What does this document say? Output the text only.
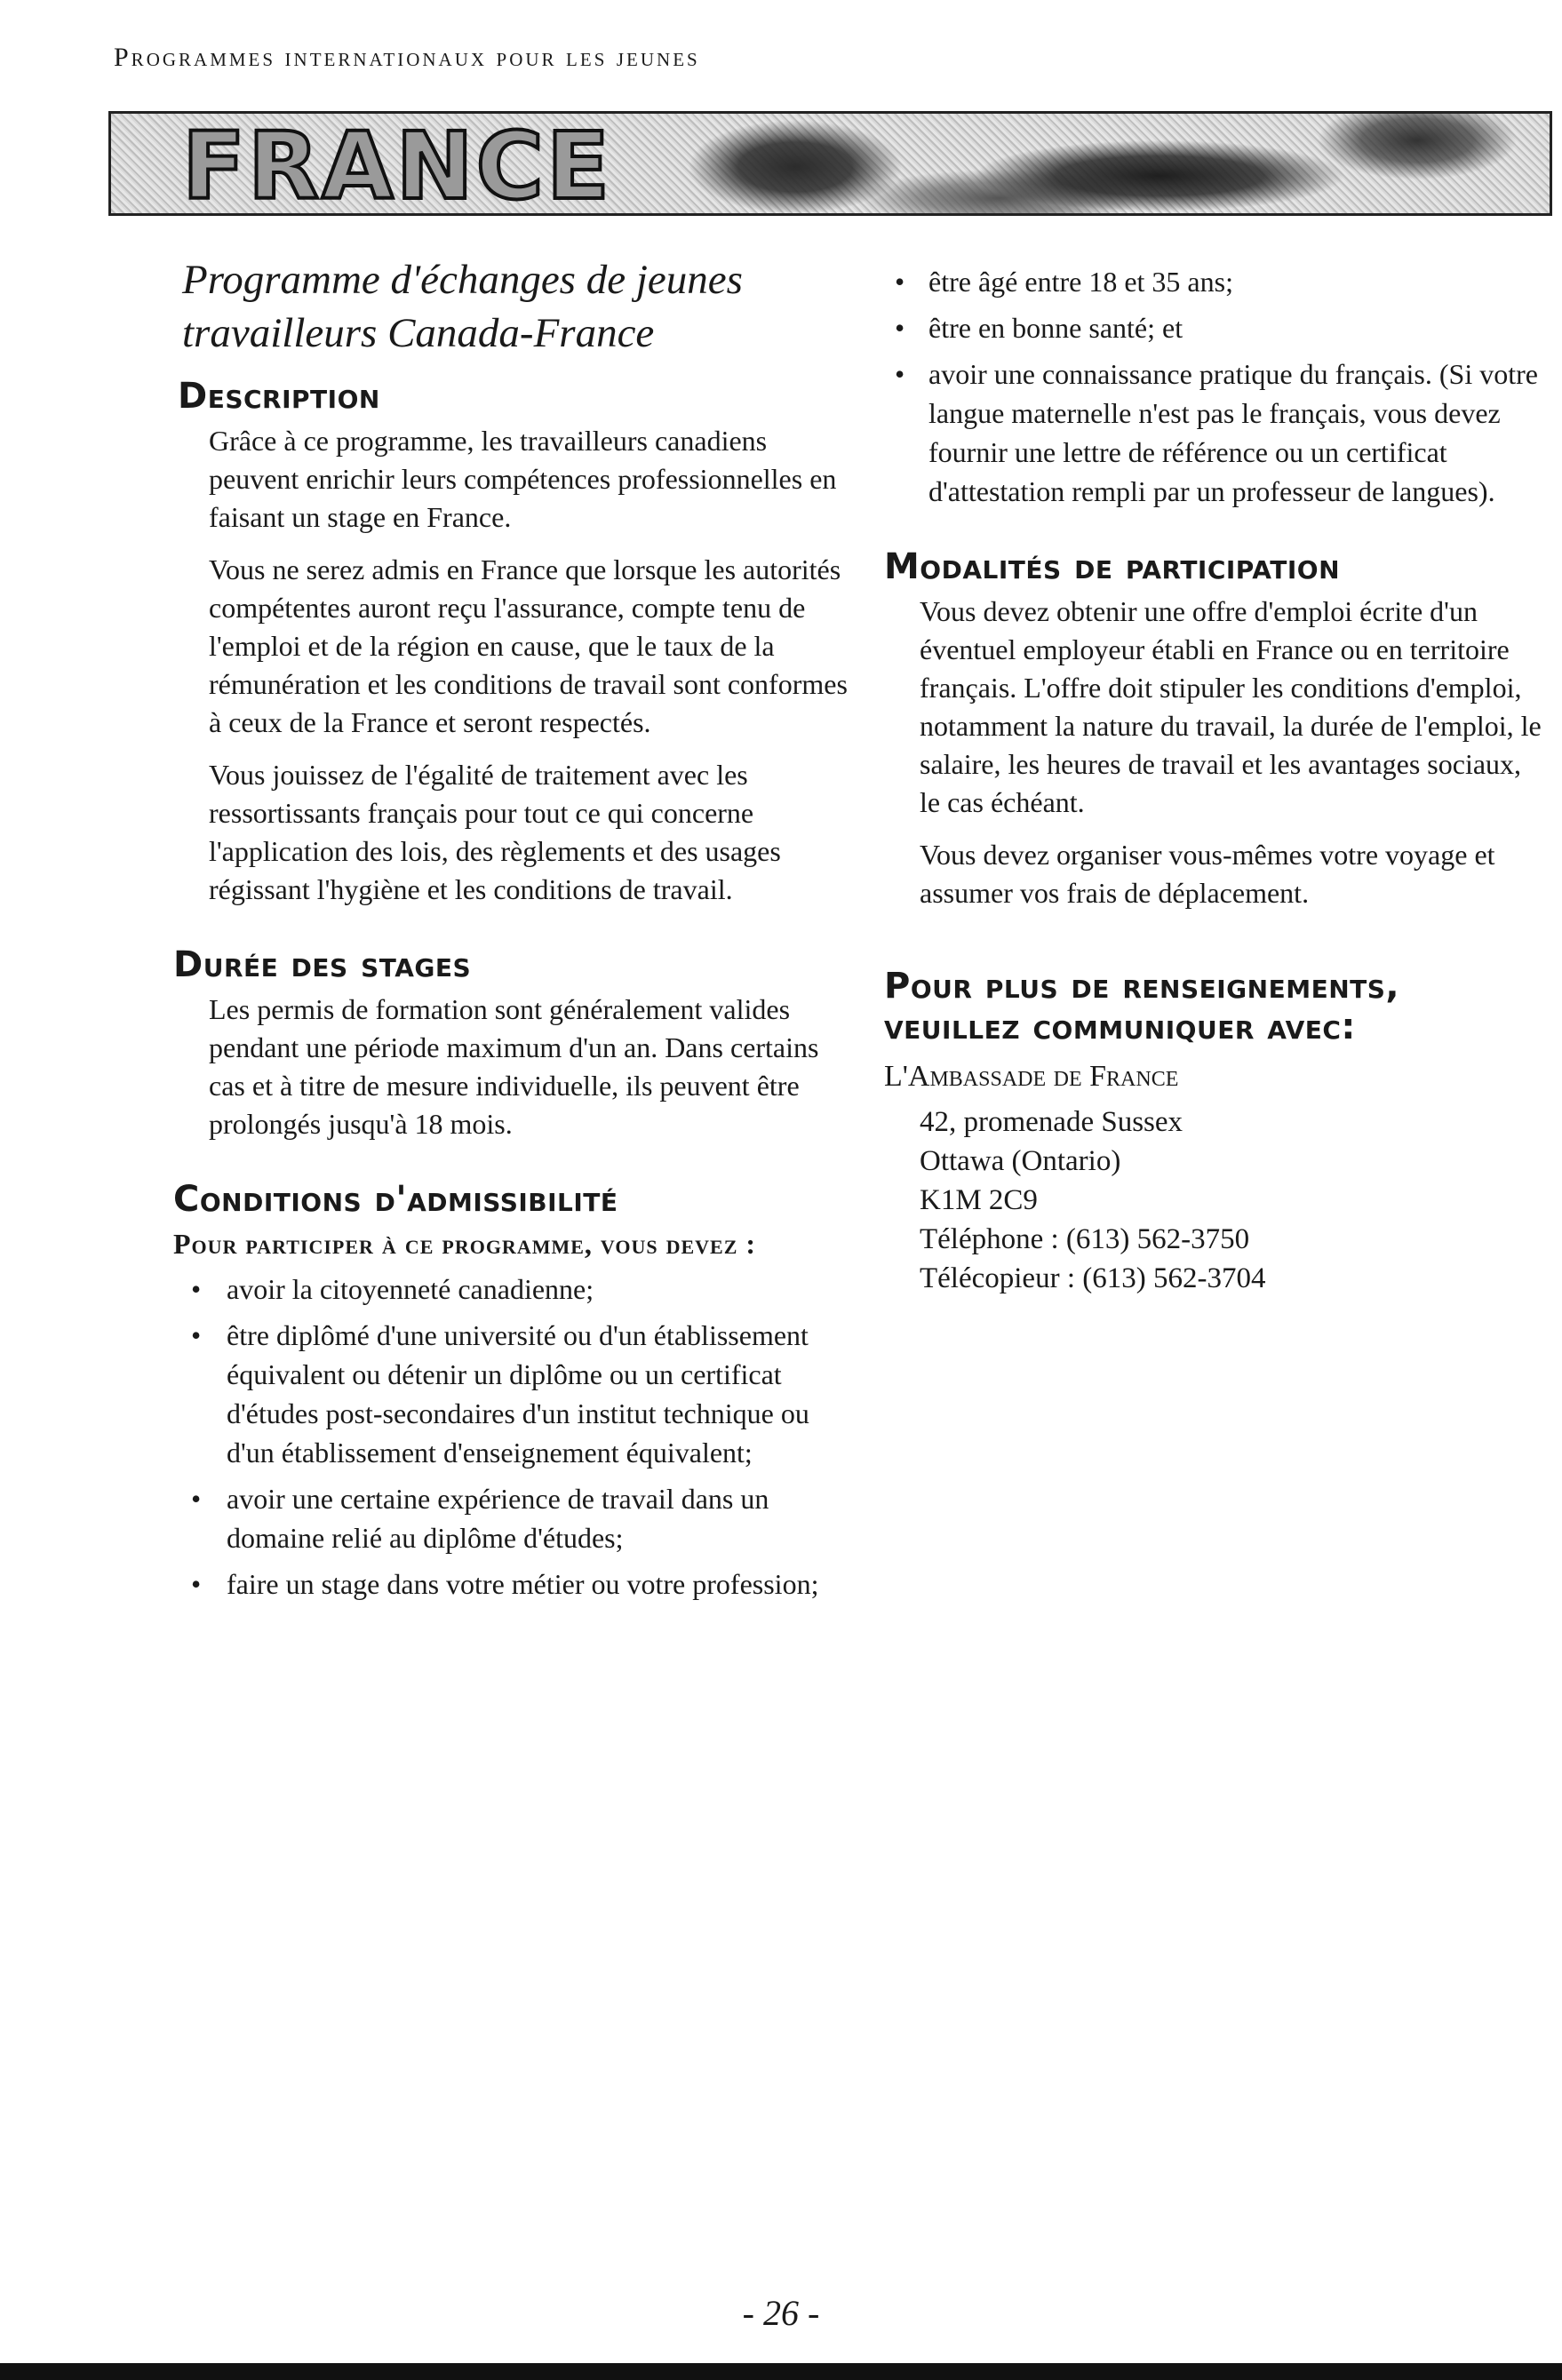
Programmes internationaux pour les jeunes
FRANCE
Programme d'échanges de jeunes travailleurs Canada-France
Description

Grâce à ce programme, les travailleurs canadiens peuvent enrichir leurs compétences professionnelles en faisant un stage en France.

Vous ne serez admis en France que lorsque les autorités compétentes auront reçu l'assurance, compte tenu de l'emploi et de la région en cause, que le taux de la rémunération et les conditions de travail sont conformes à ceux de la France et seront respectés.

Vous jouissez de l'égalité de traitement avec les ressortissants français pour tout ce qui concerne l'application des lois, des règlements et des usages régissant l'hygiène et les conditions de travail.

Durée des stages

Les permis de formation sont généralement valides pendant une période maximum d'un an. Dans certains cas et à titre de mesure individuelle, ils peuvent être prolongés jusqu'à 18 mois.

Conditions d'admissibilité
Pour participer à ce programme, vous devez :
• avoir la citoyenneté canadienne;
• être diplômé d'une université ou d'un établissement équivalent ou détenir un diplôme ou un certificat d'études post-secondaires d'un institut technique ou d'un établissement d'enseignement équivalent;
• avoir une certaine expérience de travail dans un domaine relié au diplôme d'études;
• faire un stage dans votre métier ou votre profession;
• être âgé entre 18 et 35 ans;
• être en bonne santé; et
• avoir une connaissance pratique du français. (Si votre langue maternelle n'est pas le français, vous devez fournir une lettre de référence ou un certificat d'attestation rempli par un professeur de langues).
Modalités de participation

Vous devez obtenir une offre d'emploi écrite d'un éventuel employeur établi en France ou en territoire français. L'offre doit stipuler les conditions d'emploi, notamment la nature du travail, la durée de l'emploi, le salaire, les heures de travail et les avantages sociaux, le cas échéant.

Vous devez organiser vous-mêmes votre voyage et assumer vos frais de déplacement.

Pour plus de renseignements, veuillez communiquer avec:
L'Ambassade de France
42, promenade Sussex
Ottawa (Ontario)
K1M 2C9
Téléphone : (613) 562-3750
Télécopieur : (613) 562-3704
- 26 -
